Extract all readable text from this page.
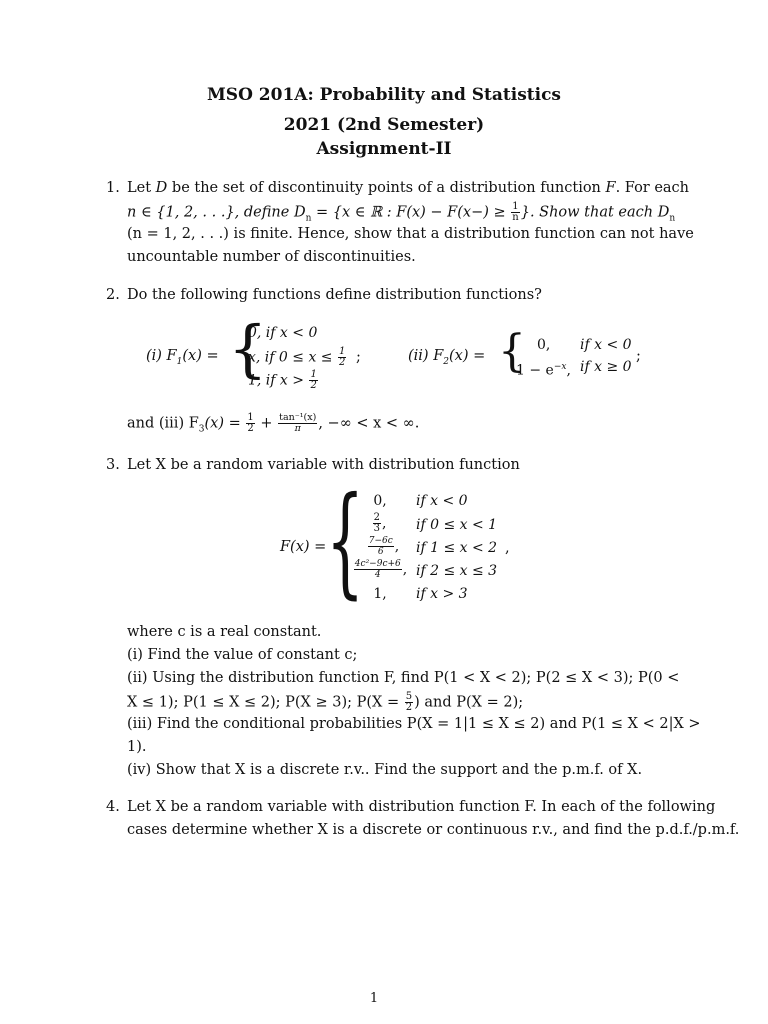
MSO 201A: Probability and Statistics
2021 (2nd Semester)
Assignment-II
1. Let D be the set of discontinuity points of a distribution function F. For each
n ∈ {1, 2, . . .}, define $D_n = \{x$ ∈ ℝ : $F(x) - F(x-) \ge \frac{1}{n}$ }. Show that each $D_n$
(n = 1, 2, . . .) is finite. Hence, show that a distribution function can not have
uncountable number of discontinuities.
2. Do the following functions define distribution functions?
(i) $F_1(x)$ = {
0, if x < 0
x, if $0 \le x \le \frac{1}{2}$
1, if $x > \frac{1}{2}$
;	(ii) $F_2(x)$ = { 0, if x < 0
$1 - e^{-x}$, if x ≥ 0
;
and (iii) $F_3(x) = \frac{1}{2} + \frac{\text{tan⁻¹(x)}}{\pi}$ , −∞ < x < ∞.
3. Let X be a random variable with distribution function
F(x) = { 0,	if x < 0
$\frac{2}{3}$ ,	if 0 ≤ x < 1
$\frac{7-6c}{6}$ ,	if 1 ≤ x < 2 ,
$\frac{\text{4c²−9c+6}}{4}$ , if 2 ≤ x ≤ 3
1,	if x > 3
where c is a real constant.
(i) Find the value of constant c;
(ii) Using the distribution function F, find P(1 < X < 2); P(2 ≤ X < 3); P(0 <
X ≤ 1); P(1 ≤ X ≤ 2); P(X ≥ 3); $P(X = \frac{5}{2}$ ) and P(X = 2);
(iii) Find the conditional probabilities P(X = 1|1 ≤ X ≤ 2) and P(1 ≤ X < 2|X >
1).
(iv) Show that X is a discrete r.v.. Find the support and the p.m.f. of X.
4. Let X be a random variable with distribution function F. In each of the following
cases determine whether X is a discrete or continuous r.v., and find the p.d.f./p.m.f.
1
